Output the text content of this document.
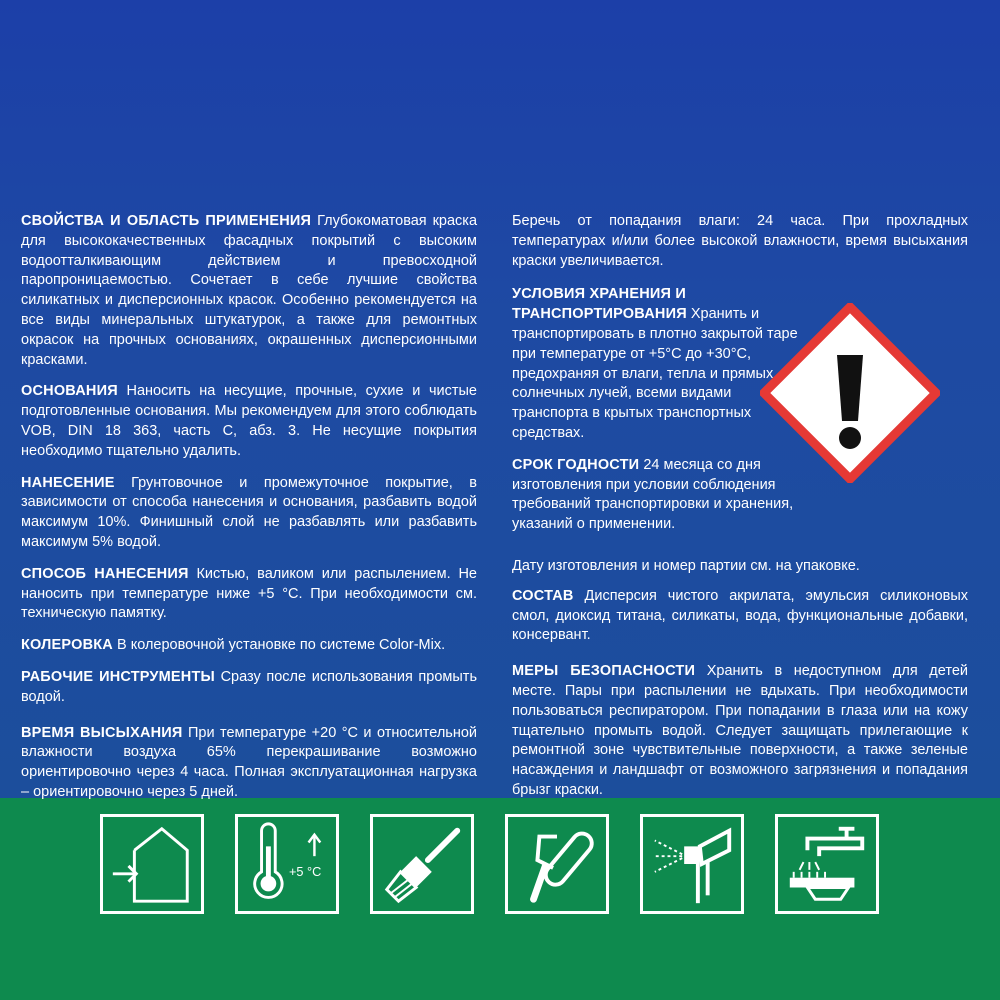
СВОЙСТВА И ОБЛАСТЬ ПРИМЕНЕНИЯ Глубокоматовая краска для высококачественных фасадных покрытий с высоким водоотталкивающим действием и превосходной паропроницаемостью. Сочетает в себе лучшие свойства силикатных и дисперсионных красок. Особенно рекомендуется на все виды минеральных штукатурок, а также для ремонтных окрасок на прочных основаниях, окрашенных дисперсионными красками.

ОСНОВАНИЯ Наносить на несущие, прочные, сухие и чистые подготовленные основания. Мы рекомендуем для этого соблюдать VOB, DIN 18 363, часть С, абз. 3. Не несущие покрытия необходимо тщательно удалить.

НАНЕСЕНИЕ Грунтовочное и промежуточное покрытие, в зависимости от способа нанесения и основания, разбавить водой максимум 10%. Финишный слой не разбавлять или разбавить максимум 5% водой.

СПОСОБ НАНЕСЕНИЯ Кистью, валиком или распылением. Не наносить при температуре ниже +5 °С. При необходимости см. техническую памятку.

КОЛЕРОВКА В колеровочной установке по системе Color-Mix.

РАБОЧИЕ ИНСТРУМЕНТЫ Сразу после использования промыть водой.

ВРЕМЯ ВЫСЫХАНИЯ При температуре +20 °С и относительной влажности воздуха 65% перекрашивание возможно ориентировочно через 4 часа. Полная эксплуатационная нагрузка – ориентировочно через 5 дней.

Беречь от попадания влаги: 24 часа. При прохладных температурах и/или более высокой влажности, время высыхания краски увеличивается.

УСЛОВИЯ ХРАНЕНИЯ И ТРАНСПОРТИРОВАНИЯ Хранить и транспортировать в плотно закрытой таре при температуре от +5°С до +30°С, предохраняя от влаги, тепла и прямых солнечных лучей, всеми видами транспорта в крытых транспортных средствах.

СРОК ГОДНОСТИ 24 месяца со дня изготовления при условии соблюдения требований транспортировки и хранения, указаний о применении.

Дату изготовления и номер партии см. на упаковке.

СОСТАВ Дисперсия чистого акрилата, эмульсия силиконовых смол, диоксид титана, силикаты, вода, функциональные добавки, консервант.

МЕРЫ БЕЗОПАСНОСТИ Хранить в недоступном для детей месте. Пары при распылении не вдыхать. При необходимости пользоваться респиратором. При попадании в глаза или на кожу тщательно промыть водой. Следует защищать прилегающие к ремонтной зоне чувствительные поверхности, а также зеленые насаждения и ландшафт от возможного загрязнения и попадания брызг краски.

+5 °C
